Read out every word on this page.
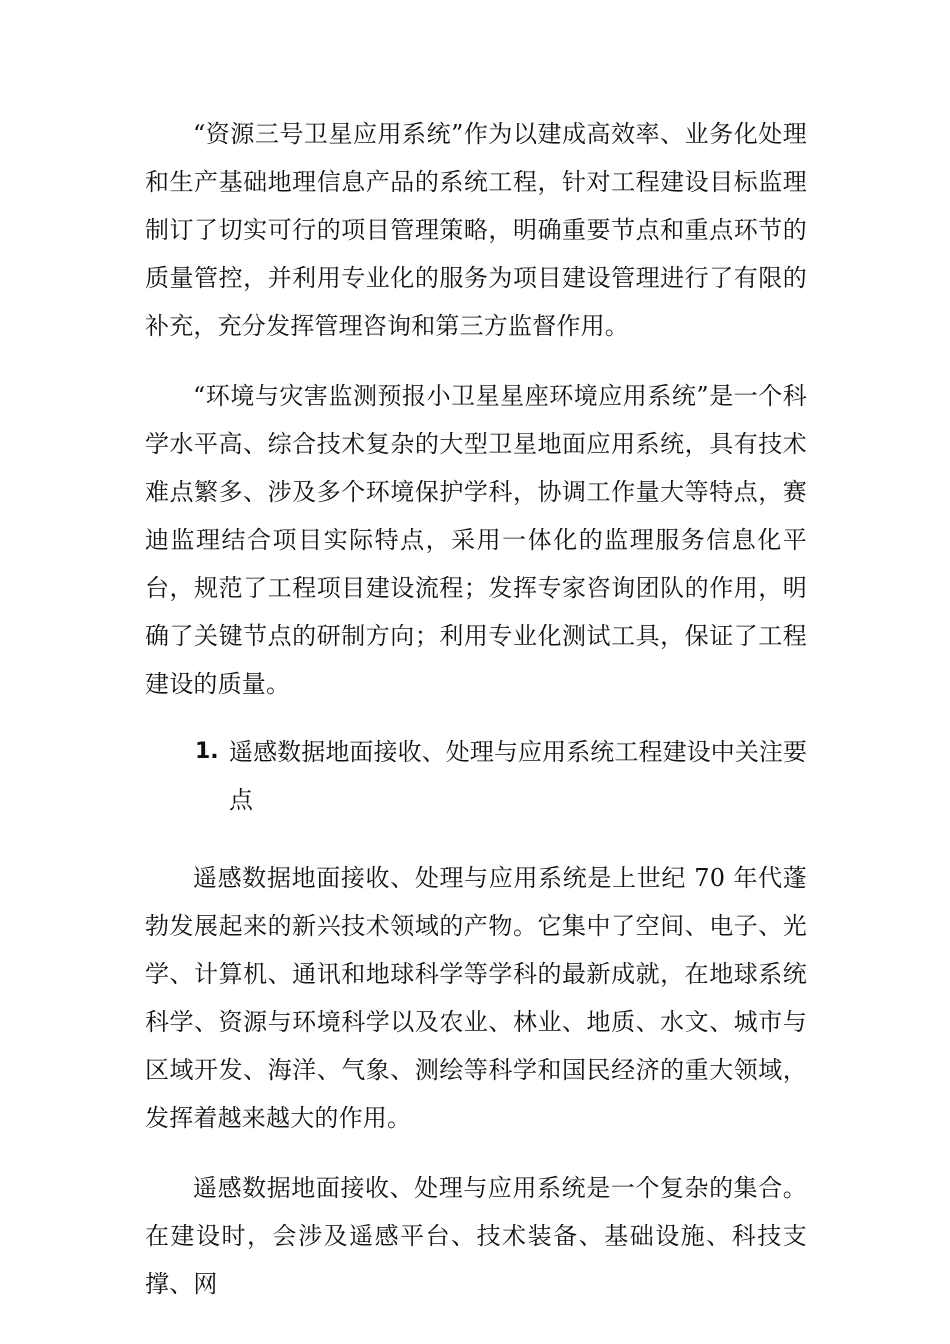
“资源三号卫星应用系统”作为以建成高效率、业务化处理和生产基础地理信息产品的系统工程，针对工程建设目标监理制订了切实可行的项目管理策略，明确重要节点和重点环节的质量管控，并利用专业化的服务为项目建设管理进行了有限的补充，充分发挥管理咨询和第三方监督作用。

“环境与灾害监测预报小卫星星座环境应用系统”是一个科学水平高、综合技术复杂的大型卫星地面应用系统，具有技术难点繁多、涉及多个环境保护学科，协调工作量大等特点，赛迪监理结合项目实际特点，采用一体化的监理服务信息化平台，规范了工程项目建设流程；发挥专家咨询团队的作用，明确了关键节点的研制方向；利用专业化测试工具，保证了工程建设的质量。

1. 遥感数据地面接收、处理与应用系统工程建设中关注要点

遥感数据地面接收、处理与应用系统是上世纪 70 年代蓬勃发展起来的新兴技术领域的产物。它集中了空间、电子、光学、计算机、通讯和地球科学等学科的最新成就，在地球系统科学、资源与环境科学以及农业、林业、地质、水文、城市与区域开发、海洋、气象、测绘等科学和国民经济的重大领域，发挥着越来越大的作用。

遥感数据地面接收、处理与应用系统是一个复杂的集合。在建设时，会涉及遥感平台、技术装备、基础设施、科技支撑、网
